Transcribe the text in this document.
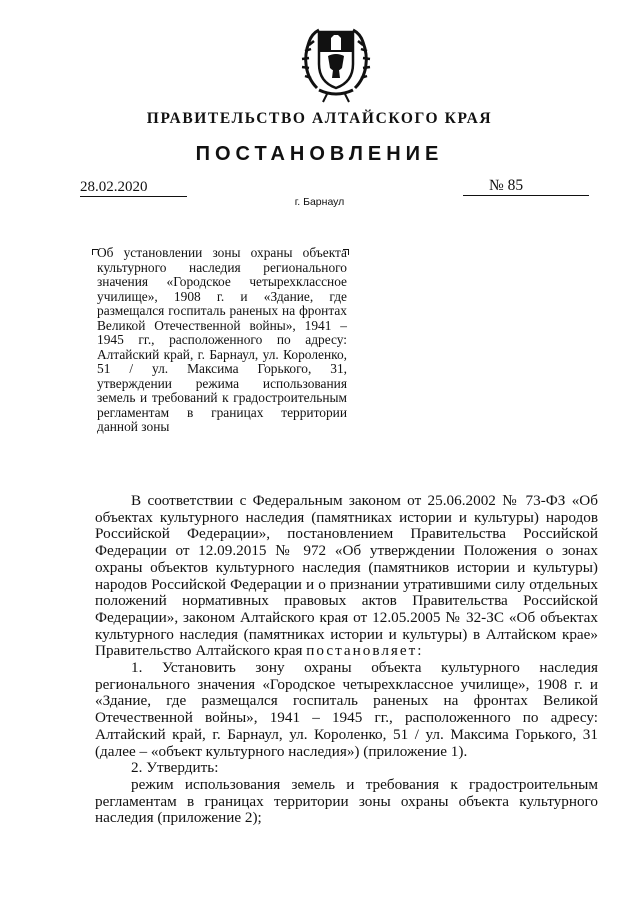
ПРАВИТЕЛЬСТВО АЛТАЙСКОГО КРАЯ
ПОСТАНОВЛЕНИЕ
28.02.2020	№ 85
г. Барнаул

Об установлении зоны охраны объекта культурного наследия регионального значения «Городское четырехклассное училище», 1908 г. и «Здание, где размещался госпиталь раненых на фронтах Великой Отечественной войны», 1941 – 1945 гг., расположенного по адресу: Алтайский край, г. Барнаул, ул. Короленко, 51 / ул. Максима Горького, 31, утверждении режима использования земель и требований к градостроительным регламентам в границах территории данной зоны

В соответствии с Федеральным законом от 25.06.2002 № 73-ФЗ «Об объектах культурного наследия (памятниках истории и культуры) народов Российской Федерации», постановлением Правительства Российской Федерации от 12.09.2015 № 972 «Об утверждении Положения о зонах охраны объектов культурного наследия (памятников истории и культуры) народов Российской Федерации и о признании утратившими силу отдельных положений нормативных правовых актов Правительства Российской Федерации», законом Алтайского края от 12.05.2005 № 32-ЗС «Об объектах культурного наследия (памятниках истории и культуры) в Алтайском крае» Правительство Алтайского края постановляет:

1. Установить зону охраны объекта культурного наследия регионального значения «Городское четырехклассное училище», 1908 г. и «Здание, где размещался госпиталь раненых на фронтах Великой Отечественной войны», 1941 – 1945 гг., расположенного по адресу: Алтайский край, г. Барнаул, ул. Короленко, 51 / ул. Максима Горького, 31 (далее – «объект культурного наследия») (приложение 1).

2. Утвердить:

режим использования земель и требования к градостроительным регламентам в границах территории зоны охраны объекта культурного наследия (приложение 2);
